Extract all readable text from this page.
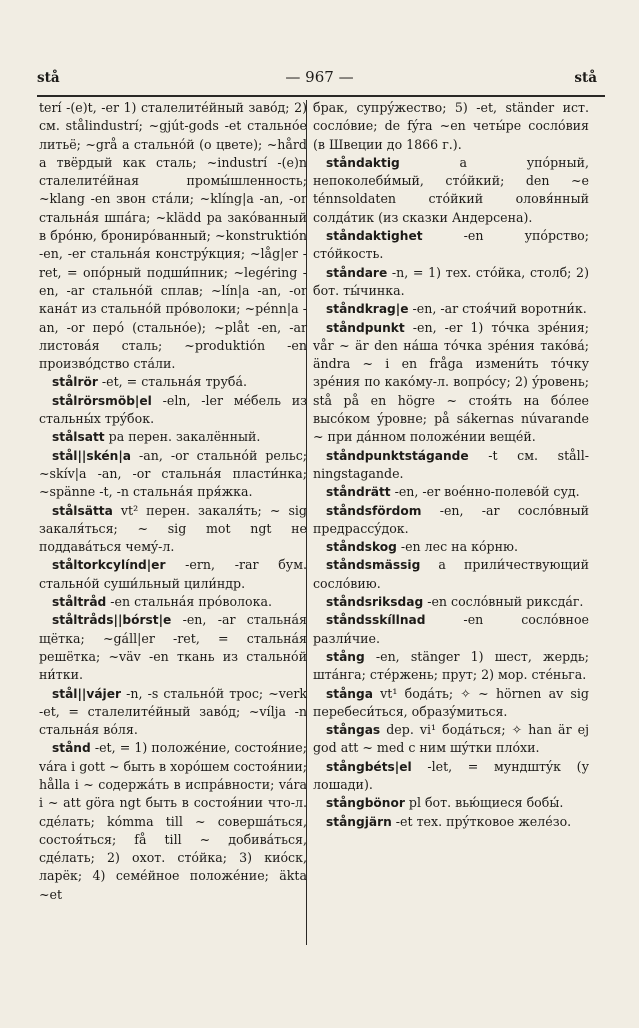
stå	— 967 —	stå

terí -(e)t, -er 1) сталелитéйный завóд; 2) см. stålindustrí; ~gjút-gods -et стальнóе литьё; ~grå a стальнóй (о цвете); ~hård a твёрдый как сталь; ~industrí -(e)n сталелитéйная промы́шленность; ~klang -en звон стáли; ~klíng|a -an, -or стальнáя шпáга; ~klädd pa закóванный в брóню, бронирóванный; ~konstruktión -en, -er стальнáя констрýкция; ~låg|er -ret, = опóрный подши́пник; ~legéring -en, -ar стальнóй сплав; ~lín|a -an, -or канáт из стальнóй прóволоки; ~pénn|a -an, -or перó (стальнóе); ~plåt -en, -ar листовáя сталь; ~produktión -en произвóдство стáли.

stålrör -et, = стальнáя трубá.

stålrörsmöb|el -eln, -ler мéбель из стальны́х трýбок.

stålsatt pa перен. закалённый.

stål||skén|a -an, -or стальнóй рельс; ~skív|a -an, -or стальнáя пласти́нка; ~spänne -t, -n стальнáя пря́жка.

stålsätta vt² перен. закаля́ть; ~ sig закаля́ться; ~ sig mot ngt не поддавáться чемý-л.

ståltorkcylínd|er -ern, -rar бум. стальнóй суши́льный цили́ндр.

ståltråd -en стальнáя прóволока.

ståltråds||bórst|e -en, -ar стальнáя щётка; ~gáll|er -ret, = стальнáя решётка; ~väv -en ткань из стальнóй ни́тки.

stål||vájer -n, -s стальнóй трос; ~verk -et, = сталелитéйный завóд; ~vílja -n стальнáя вóля.

stånd -et, = 1) положéние, состоя́ние; vára i gott ~ быть в хорóшем состоя́нии; hålla i ~ содержáть в испрáвности; vára i ~ att göra ngt быть в состоя́нии что-л. сдéлать; kómma till ~ совершáться, состоя́ться; få till ~ добивáться, сдéлать; 2) охот. стóйка; 3) киóск, ларёк; 4) семéйное положéние; äkta ~et

брак, супрýжество; 5) -et, ständer ист. сослóвие; de fýra ~en четы́ре сослóвия (в Швеции до 1866 г.).

ståndaktig a упóрный, непоколеби́мый, стóйкий; den ~e ténnsoldaten стóйкий оловя́нный солдáтик (из сказки Андерсена).

ståndaktighet -en упóрство; стóйкость.

ståndare -n, = 1) тех. стóйка, столб; 2) бот. ты́чинка.

ståndkrag|e -en, -ar стоя́чий воротни́к.

ståndpunkt -en, -er 1) тóчка зрéния; vår ~ är den нáша тóчка зрéния такóвá; ändra ~ i en fråga измени́ть тóчку зрéния по какóму-л. вопрóсу; 2) ýровень; stå på en högre ~ стоя́ть на бóлее высóком ýровне; på sákernas núvarande ~ при дáнном положéнии вещéй.

ståndpunktstágande -t см. ståll-ningstagande.

ståndrätt -en, -er воéнно-полевóй суд.

ståndsfördom -en, -ar сослóвный предрассýдок.

ståndskog -en лес на кóрню.

ståndsmässig a прили́чествующий сослóвию.

ståndsriksdag -en сослóвный риксдáг.

ståndsskíllnad -en сослóвное разли́чие.

stång -en, stänger 1) шест, жердь; штáнга; стéржень; прут; 2) мор. стéньга.

stånga vt¹ бодáть; ✧ ~ hörnen av sig перебеси́ться, образýмиться.

stångas dep. vi¹ бодáться; ✧ han är ej god att ~ med с ним шýтки плóхи.

stångbéts|el -let, = мундштýк (у лошади).

stångbönor pl бот. вью́щиеся бобы́.

stångjärn -et тех. прýтковое желéзо.
